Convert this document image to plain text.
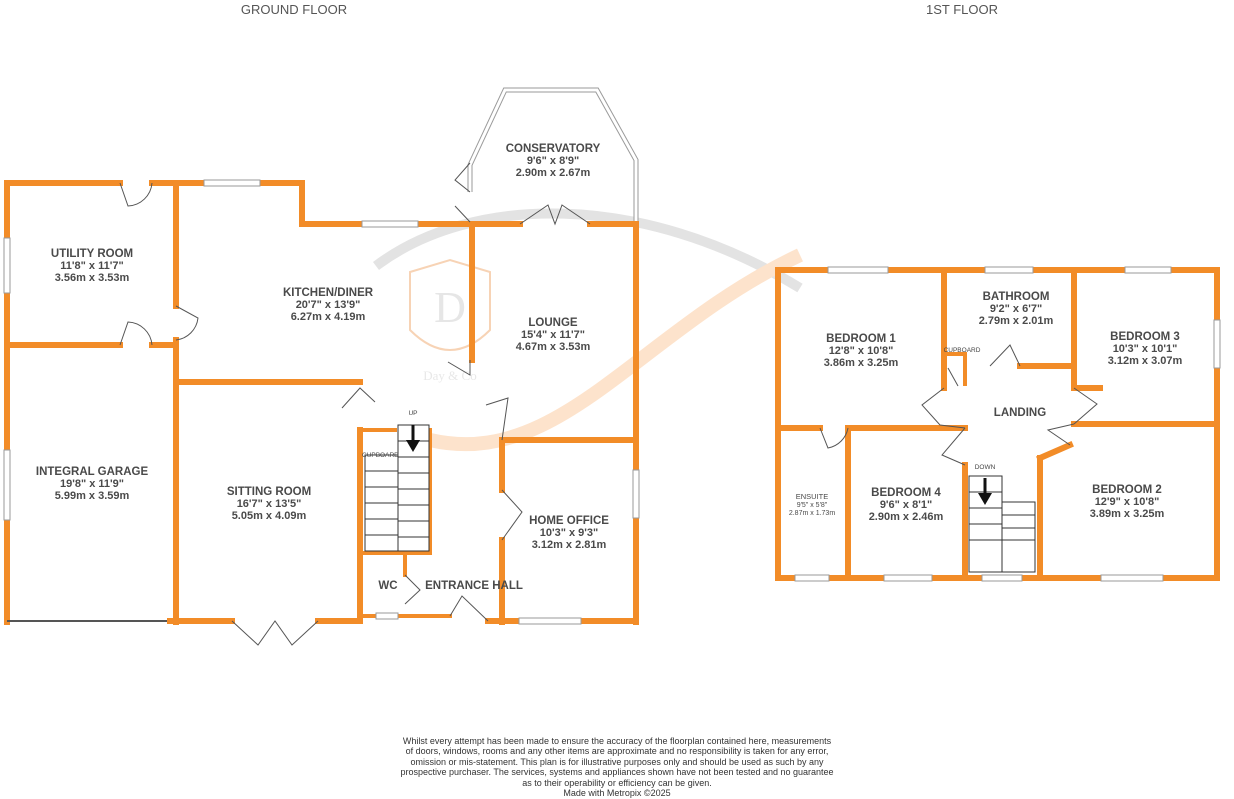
GROUND FLOOR	1ST FLOOR
D
Day & Co
UP
CUPBOARD
UTILITY ROOM
11'8" x 11'7"
3.56m x 3.53m
KITCHEN/DINER
20'7" x 13'9"
6.27m x 4.19m
CONSERVATORY
9'6" x 8'9"
2.90m x 2.67m
LOUNGE
15'4" x 11'7"
4.67m x 3.53m
INTEGRAL GARAGE
19'8" x 11'9"
5.99m x 3.59m	SITTING ROOM
16'7" x 13'5"
5.05m x 4.09m	HOME OFFICE
10'3" x 9'3"
3.12m x 2.81m
WC ENTRANCE HALL
DOWN
CUPBOARD
BEDROOM 1
12'8" x 10'8"
3.86m x 3.25m
BATHROOM
9'2" x 6'7"
2.79m x 2.01m
BEDROOM 3
10'3" x 10'1"
3.12m x 3.07m
LANDING
ENSUITE
9'5" x 5'8"
2.87m x 1.73m
BEDROOM 4
9'6" x 8'1"
2.90m x 2.46m
BEDROOM 2
12'9" x 10'8"
3.89m x 3.25m
Whilst every attempt has been made to ensure the accuracy of the floorplan contained here, measurements
of doors, windows, rooms and any other items are approximate and no responsibility is taken for any error,
omission or mis-statement. This plan is for illustrative purposes only and should be used as such by any
prospective purchaser. The services, systems and appliances shown have not been tested and no guarantee
as to their operability or efficiency can be given.
Made with Metropix ©2025
